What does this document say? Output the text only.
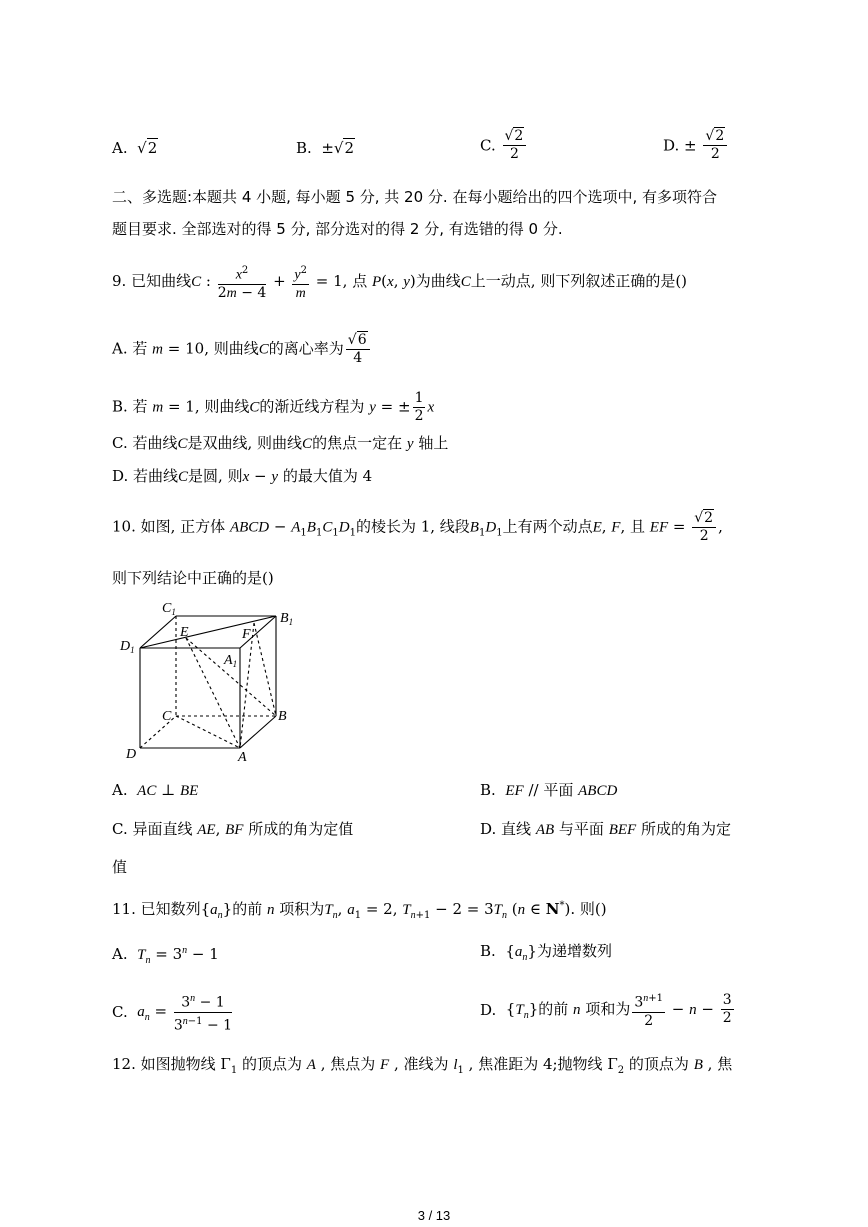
A. √2	B. ±√2	C. $\frac{√2}{2}$	D. ± $\frac{√2}{2}$
二、多选题:本题共 4 小题, 每小题 5 分, 共 20 分. 在每小题给出的四个选项中, 有多项符合
题目要求. 全部选对的得 5 分, 部分选对的得 2 分, 有选错的得 0 分.
9. 已知曲线C : $\frac{x^2}{2m - 4} + \frac{y^2}{m} = 1$, 点 P(x, y)为曲线C上一动点, 则下列叙述正确的是()
A. 若 m = 10, 则曲线C的离心率为 $\frac{√6}{4}$
B. 若 m = 1, 则曲线C的渐近线方程为 y = ± $\frac{1}{2}$ x
C. 若曲线C是双曲线, 则曲线C的焦点一定在 y 轴上
D. 若曲线C是圆, 则x − y 的最大值为 4
10. 如图, 正方体 ABCD − $A_1B_1C_1D_1$的棱长为 1, 线段$B_1D_1$上有两个动点E, F, 且 EF = $\frac{√2}{2}$ ,
则下列结论中正确的是()
$C_1$	$B_1$
$D_1$
E	F
$A_1$
C	B
D	A
A. AC ⊥ BE	B. EF // 平面 ABCD
C. 异面直线 AE, BF 所成的角为定值	D. 直线 AB 与平面 BEF 所成的角为定
值
11. 已知数列$\{a_n\}$的前 n 项积为$T_n$, $a_1 = 2$, $T_{n+1} - 2 = 3T_n$ (n ∈ N*). 则()
A. $T_n = 3^n - 1$	B.  $\{a_n\}$为递增数列
C. $a_n = \frac{3^n - 1}{3^{n-1} - 1}$	D.  $\{T_n\}$的前 n 项和为 $\frac{3^{n+1}}{2} - n - \frac{3}{2}$
12. 如图抛物线 $\Gamma_1$ 的顶点为 A , 焦点为 F , 准线为 $l_1$ , 焦准距为 4;抛物线 $\Gamma_2$ 的顶点为 B , 焦
3 / 13
